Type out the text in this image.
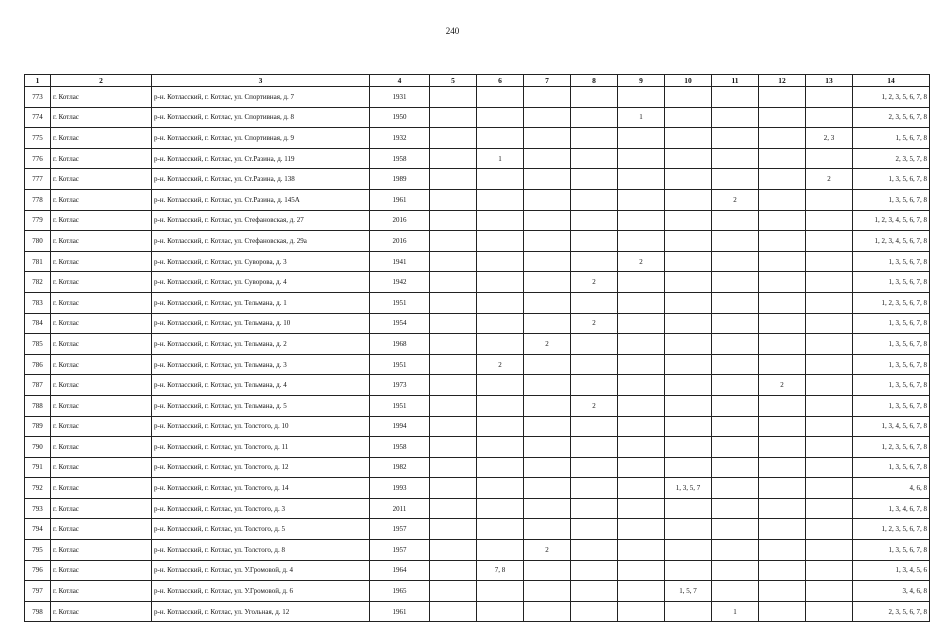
240
1	2	3	4	5	6	7	8	9	10	11	12	13	14
773	г. Котлас	р-н. Котласский, г. Котлас, ул. Спортивная, д. 7	1931										1, 2, 3, 5, 6, 7, 8
774	г. Котлас	р-н. Котласский, г. Котлас, ул. Спортивная, д. 8	1950					1					2, 3, 5, 6, 7, 8
775	г. Котлас	р-н. Котласский, г. Котлас, ул. Спортивная, д. 9	1932									2, 3	1, 5, 6, 7, 8
776	г. Котлас	р-н. Котласский, г. Котлас, ул. Ст.Разина, д. 119	1958		1								2, 3, 5, 7, 8
777	г. Котлас	р-н. Котласский, г. Котлас, ул. Ст.Разина, д. 138	1989									2	1, 3, 5, 6, 7, 8
778	г. Котлас	р-н. Котласский, г. Котлас, ул. Ст.Разина, д. 145А	1961							2			1, 3, 5, 6, 7, 8
779	г. Котлас	р-н. Котласский, г. Котлас, ул. Стефановская, д. 27	2016										1, 2, 3, 4, 5, 6, 7, 8
780	г. Котлас	р-н. Котласский, г. Котлас, ул. Стефановская, д. 29а	2016										1, 2, 3, 4, 5, 6, 7, 8
781	г. Котлас	р-н. Котласский, г. Котлас, ул. Суворова, д. 3	1941					2					1, 3, 5, 6, 7, 8
782	г. Котлас	р-н. Котласский, г. Котлас, ул. Суворова, д. 4	1942				2						1, 3, 5, 6, 7, 8
783	г. Котлас	р-н. Котласский, г. Котлас, ул. Тельмана, д. 1	1951										1, 2, 3, 5, 6, 7, 8
784	г. Котлас	р-н. Котласский, г. Котлас, ул. Тельмана, д. 10	1954				2						1, 3, 5, 6, 7, 8
785	г. Котлас	р-н. Котласский, г. Котлас, ул. Тельмана, д. 2	1968			2							1, 3, 5, 6, 7, 8
786	г. Котлас	р-н. Котласский, г. Котлас, ул. Тельмана, д. 3	1951		2								1, 3, 5, 6, 7, 8
787	г. Котлас	р-н. Котласский, г. Котлас, ул. Тельмана, д. 4	1973								2		1, 3, 5, 6, 7, 8
788	г. Котлас	р-н. Котласский, г. Котлас, ул. Тельмана, д. 5	1951				2						1, 3, 5, 6, 7, 8
789	г. Котлас	р-н. Котласский, г. Котлас, ул. Толстого, д. 10	1994										1, 3, 4, 5, 6, 7, 8
790	г. Котлас	р-н. Котласский, г. Котлас, ул. Толстого, д. 11	1958										1, 2, 3, 5, 6, 7, 8
791	г. Котлас	р-н. Котласский, г. Котлас, ул. Толстого, д. 12	1982										1, 3, 5, 6, 7, 8
792	г. Котлас	р-н. Котласский, г. Котлас, ул. Толстого, д. 14	1993						1, 3, 5, 7				4, 6, 8
793	г. Котлас	р-н. Котласский, г. Котлас, ул. Толстого, д. 3	2011										1, 3, 4, 6, 7, 8
794	г. Котлас	р-н. Котласский, г. Котлас, ул. Толстого, д. 5	1957										1, 2, 3, 5, 6, 7, 8
795	г. Котлас	р-н. Котласский, г. Котлас, ул. Толстого, д. 8	1957			2							1, 3, 5, 6, 7, 8
796	г. Котлас	р-н. Котласский, г. Котлас, ул. У.Громовой, д. 4	1964		7, 8								1, 3, 4, 5, 6
797	г. Котлас	р-н. Котласский, г. Котлас, ул. У.Громовой, д. 6	1965						1, 5, 7				3, 4, 6, 8
798	г. Котлас	р-н. Котласский, г. Котлас, ул. Угольная, д. 12	1961							1			2, 3, 5, 6, 7, 8
